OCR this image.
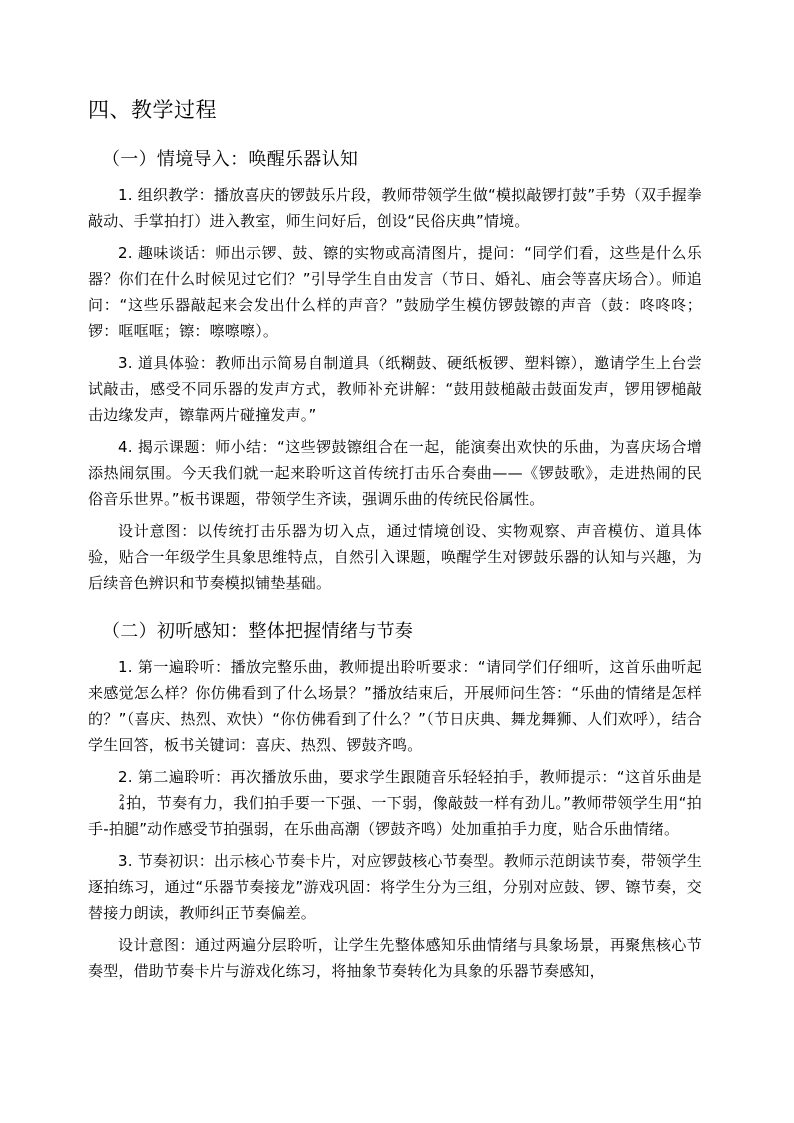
四、教学过程
（一）情境导入：唤醒乐器认知

1. 组织教学：播放喜庆的锣鼓乐片段，教师带领学生做“模拟敲锣打鼓”手势（双手握拳敲动、手掌拍打）进入教室，师生问好后，创设“民俗庆典”情境。

2. 趣味谈话：师出示锣、鼓、镲的实物或高清图片，提问：“同学们看，这些是什么乐器？你们在什么时候见过它们？”引导学生自由发言（节日、婚礼、庙会等喜庆场合）。师追问：“这些乐器敲起来会发出什么样的声音？”鼓励学生模仿锣鼓镲的声音（鼓：咚咚咚；锣：哐哐哐；镲：嚓嚓嚓）。

3. 道具体验：教师出示简易自制道具（纸糊鼓、硬纸板锣、塑料镲），邀请学生上台尝试敲击，感受不同乐器的发声方式，教师补充讲解：“鼓用鼓槌敲击鼓面发声，锣用锣槌敲击边缘发声，镲靠两片碰撞发声。”

4. 揭示课题：师小结：“这些锣鼓镲组合在一起，能演奏出欢快的乐曲，为喜庆场合增添热闹氛围。今天我们就一起来聆听这首传统打击乐合奏曲——《锣鼓歌》，走进热闹的民俗音乐世界。”板书课题，带领学生齐读，强调乐曲的传统民俗属性。

设计意图：以传统打击乐器为切入点，通过情境创设、实物观察、声音模仿、道具体验，贴合一年级学生具象思维特点，自然引入课题，唤醒学生对锣鼓乐器的认知与兴趣，为后续音色辨识和节奏模拟铺垫基础。

（二）初听感知：整体把握情绪与节奏

1. 第一遍聆听：播放完整乐曲，教师提出聆听要求：“请同学们仔细听，这首乐曲听起来感觉怎么样？你仿佛看到了什么场景？”播放结束后，开展师问生答：“乐曲的情绪是怎样的？”（喜庆、热烈、欢快）“你仿佛看到了什么？”（节日庆典、舞龙舞狮、人们欢呼），结合学生回答，板书关键词：喜庆、热烈、锣鼓齐鸣。

2. 第二遍聆听：再次播放乐曲，要求学生跟随音乐轻轻拍手，教师提示：“这首乐曲是
2
4 拍，节奏有力，我们拍手要一下强、一下弱，像敲鼓一样有劲儿。”教师带领学生用“拍手-拍腿”动作感受节拍强弱，在乐曲高潮（锣鼓齐鸣）处加重拍手力度，贴合乐曲情绪。

3. 节奏初识：出示核心节奏卡片，对应锣鼓核心节奏型。教师示范朗读节奏，带领学生逐拍练习，通过“乐器节奏接龙”游戏巩固：将学生分为三组，分别对应鼓、锣、镲节奏，交替接力朗读，教师纠正节奏偏差。

设计意图：通过两遍分层聆听，让学生先整体感知乐曲情绪与具象场景，再聚焦核心节奏型，借助节奏卡片与游戏化练习，将抽象节奏转化为具象的乐器节奏感知，
